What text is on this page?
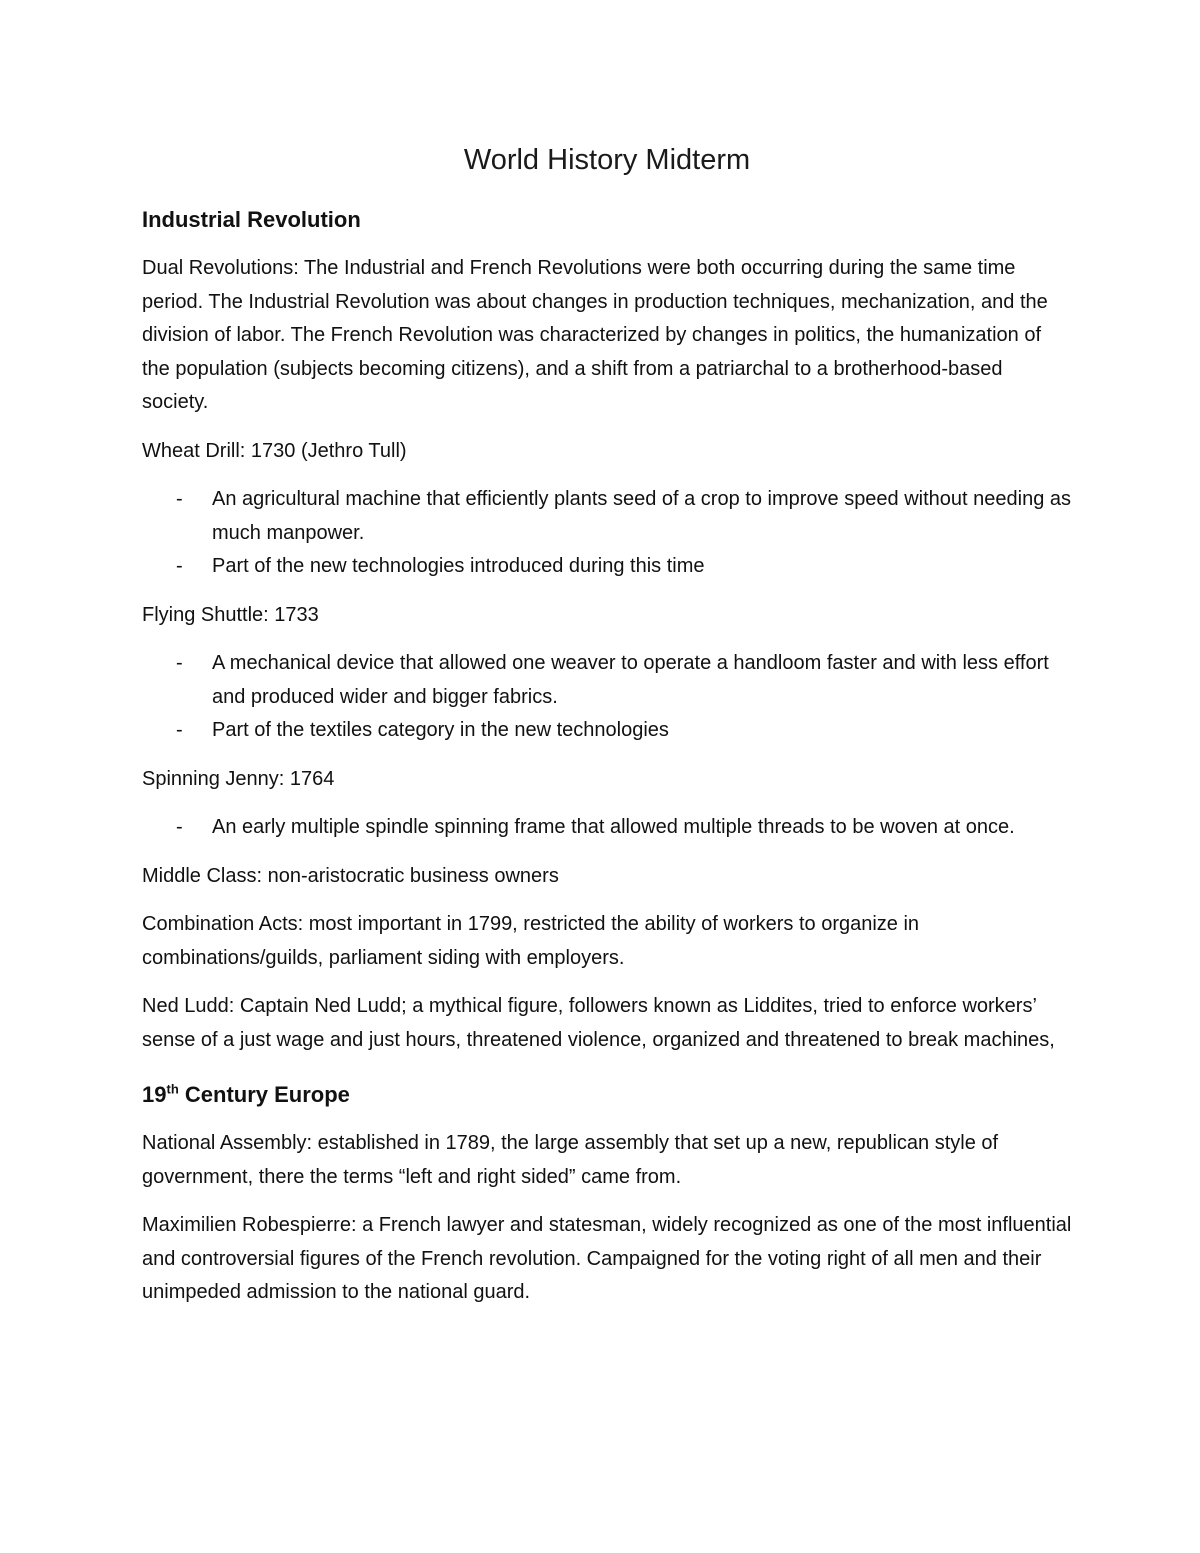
World History Midterm
Industrial Revolution

Dual Revolutions: The Industrial and French Revolutions were both occurring during the same time period. The Industrial Revolution was about changes in production techniques, mechanization, and the division of labor. The French Revolution was characterized by changes in politics, the humanization of the population (subjects becoming citizens), and a shift from a patriarchal to a brotherhood-based society.

Wheat Drill: 1730 (Jethro Tull)

- An agricultural machine that efficiently plants seed of a crop to improve speed without needing as much manpower.
- Part of the new technologies introduced during this time

Flying Shuttle: 1733

- A mechanical device that allowed one weaver to operate a handloom faster and with less effort and produced wider and bigger fabrics.
- Part of the textiles category in the new technologies

Spinning Jenny: 1764

- An early multiple spindle spinning frame that allowed multiple threads to be woven at once.

Middle Class: non-aristocratic business owners

Combination Acts: most important in 1799, restricted the ability of workers to organize in combinations/guilds, parliament siding with employers.

Ned Ludd: Captain Ned Ludd; a mythical figure, followers known as Liddites, tried to enforce workers’ sense of a just wage and just hours, threatened violence, organized and threatened to break machines,

19th Century Europe

National Assembly: established in 1789, the large assembly that set up a new, republican style of government, there the terms “left and right sided” came from.

Maximilien Robespierre: a French lawyer and statesman, widely recognized as one of the most influential and controversial figures of the French revolution. Campaigned for the voting right of all men and their unimpeded admission to the national guard.
